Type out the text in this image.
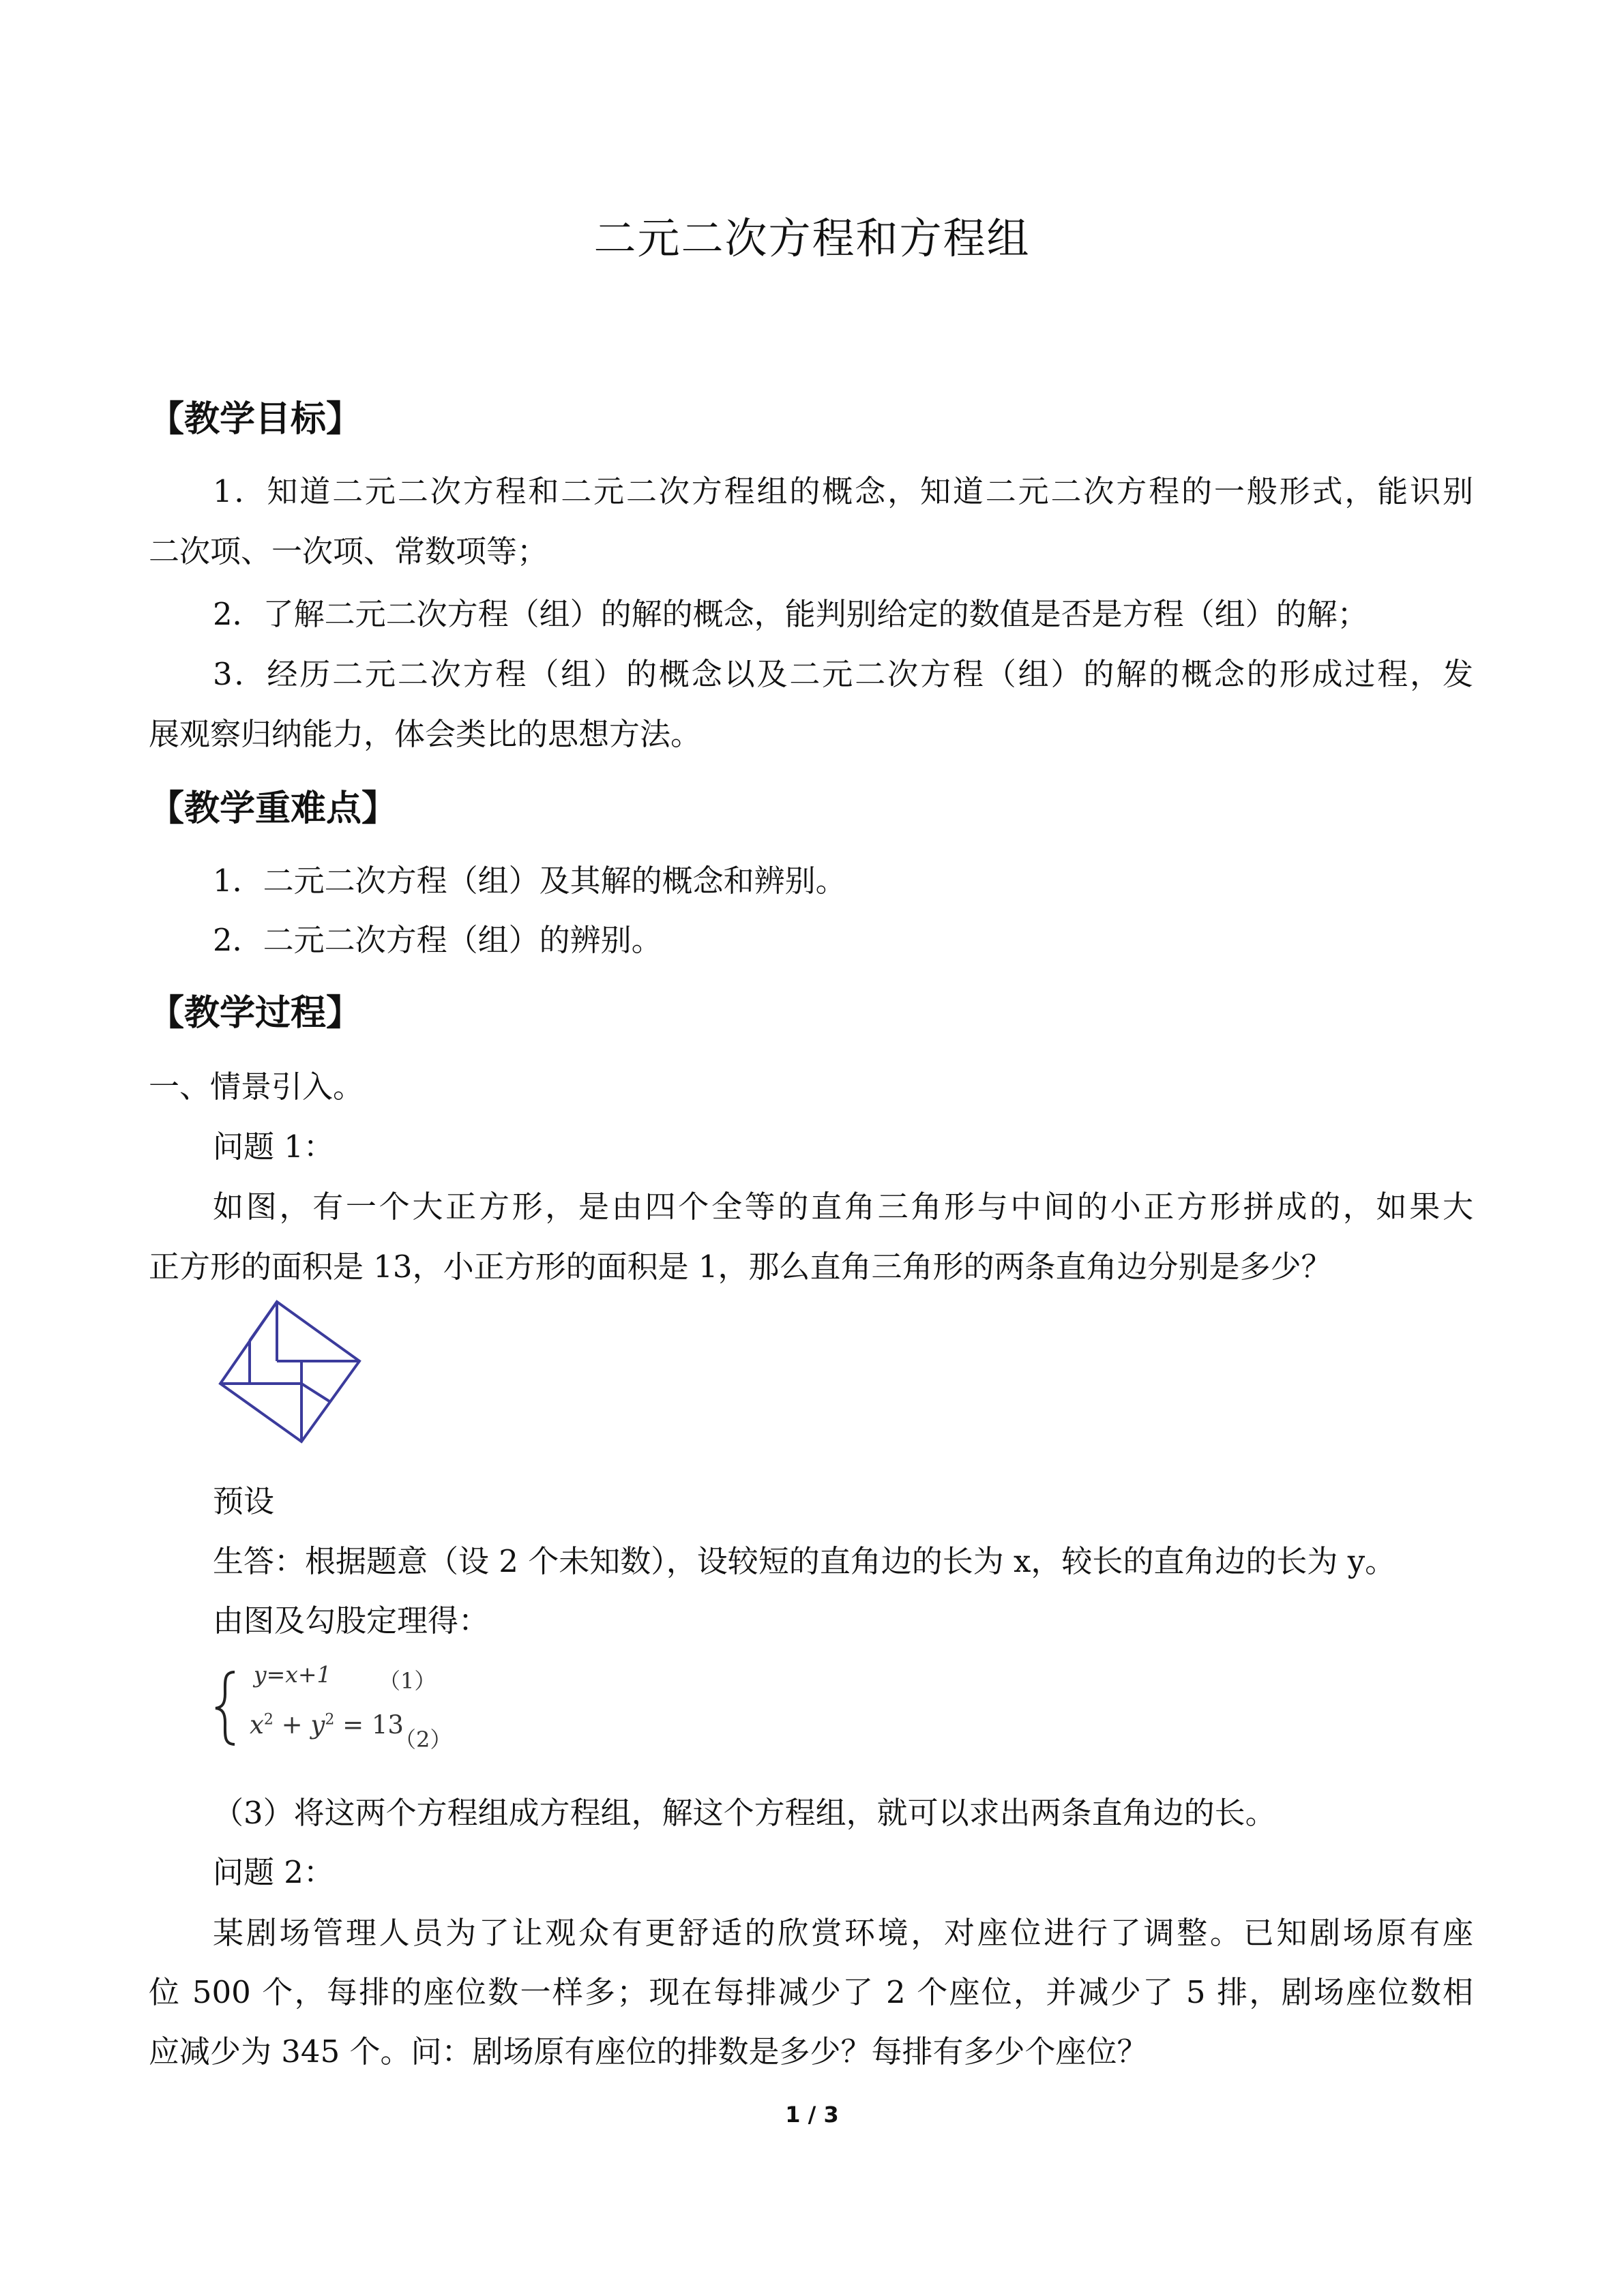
二元二次方程和方程组
【教学目标】
1．知道二元二次方程和二元二次方程组的概念，知道二元二次方程的一般形式，能识别
二次项、一次项、常数项等；
2．了解二元二次方程（组）的解的概念，能判别给定的数值是否是方程（组）的解；
3．经历二元二次方程（组）的概念以及二元二次方程（组）的解的概念的形成过程，发
展观察归纳能力，体会类比的思想方法。
【教学重难点】
1．二元二次方程（组）及其解的概念和辨别。
2．二元二次方程（组）的辨别。
【教学过程】
一、情景引入。
问题 1：
如图，有一个大正方形，是由四个全等的直角三角形与中间的小正方形拼成的，如果大
正方形的面积是 13，小正方形的面积是 1，那么直角三角形的两条直角边分别是多少？
预设
生答：根据题意（设 2 个未知数），设较短的直角边的长为 x，较长的直角边的长为 y。
由图及勾股定理得：
y=x+1 （1）
$x^2 + y^2 = 13$
（2）
（3）将这两个方程组成方程组，解这个方程组，就可以求出两条直角边的长。
问题 2：
某剧场管理人员为了让观众有更舒适的欣赏环境，对座位进行了调整。已知剧场原有座
位 500 个，每排的座位数一样多；现在每排减少了 2 个座位，并减少了 5 排，剧场座位数相
应减少为 345 个。问：剧场原有座位的排数是多少？每排有多少个座位？
1 / 3
